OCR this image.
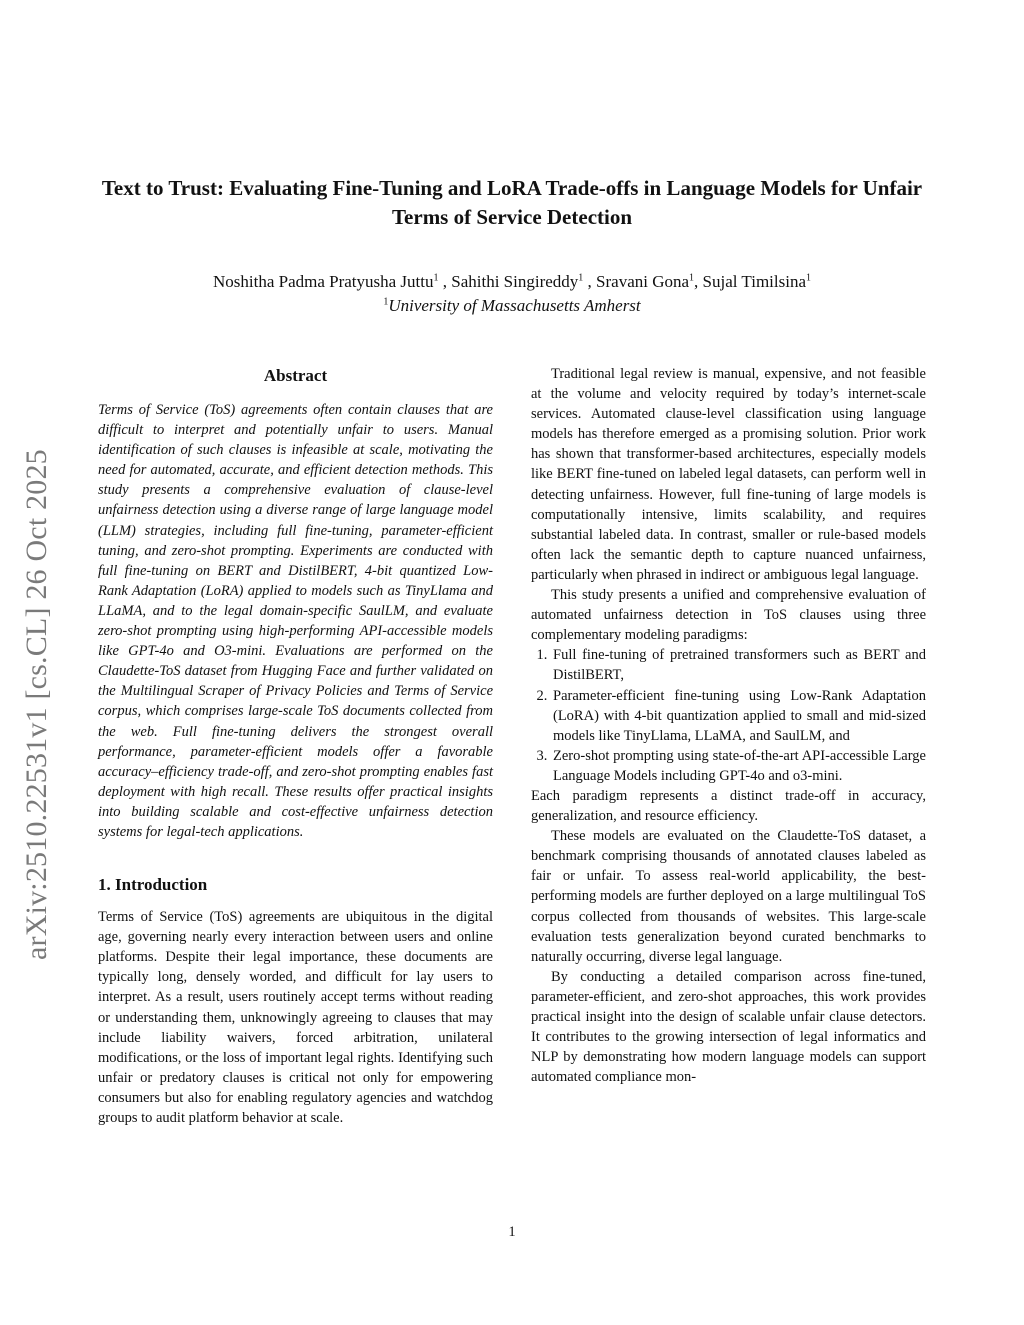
Text to Trust: Evaluating Fine-Tuning and LoRA Trade-offs in Language Models for Unfair Terms of Service Detection
Noshitha Padma Pratyusha Juttu$^1$ , Sahithi Singireddy$^1$ , Sravani Gona$^1$, Sujal Timilsina$^1$
$^1$University of Massachusetts Amherst
arXiv:2510.22531v1 [cs.CL] 26 Oct 2025
Abstract

Terms of Service (ToS) agreements often contain clauses that are difficult to interpret and potentially unfair to users. Manual identification of such clauses is infeasible at scale, motivating the need for automated, accurate, and efficient detection methods. This study presents a comprehensive evaluation of clause-level unfairness detection using a diverse range of large language model (LLM) strategies, including full fine-tuning, parameter-efficient tuning, and zero-shot prompting. Experiments are conducted with full fine-tuning on BERT and DistilBERT, 4-bit quantized Low-Rank Adaptation (LoRA) applied to models such as TinyLlama and LLaMA, and to the legal domain-specific SaulLM, and evaluate zero-shot prompting using high-performing API-accessible models like GPT-4o and O3-mini. Evaluations are performed on the Claudette-ToS dataset from Hugging Face and further validated on the Multilingual Scraper of Privacy Policies and Terms of Service corpus, which comprises large-scale ToS documents collected from the web. Full fine-tuning delivers the strongest overall performance, parameter-efficient models offer a favorable accuracy–efficiency trade-off, and zero-shot prompting enables fast deployment with high recall. These results offer practical insights into building scalable and cost-effective unfairness detection systems for legal-tech applications.

1. Introduction

Terms of Service (ToS) agreements are ubiquitous in the digital age, governing nearly every interaction between users and online platforms. Despite their legal importance, these documents are typically long, densely worded, and difficult for lay users to interpret. As a result, users routinely accept terms without reading or understanding them, unknowingly agreeing to clauses that may include liability waivers, forced arbitration, unilateral modifications, or the loss of important legal rights. Identifying such unfair or predatory clauses is critical not only for empowering consumers but also for enabling regulatory agencies and watchdog groups to audit platform behavior at scale.

Traditional legal review is manual, expensive, and not feasible at the volume and velocity required by today’s internet-scale services. Automated clause-level classification using language models has therefore emerged as a promising solution. Prior work has shown that transformer-based architectures, especially models like BERT fine-tuned on labeled legal datasets, can perform well in detecting unfairness. However, full fine-tuning of large models is computationally intensive, limits scalability, and requires substantial labeled data. In contrast, smaller or rule-based models often lack the semantic depth to capture nuanced unfairness, particularly when phrased in indirect or ambiguous legal language.

This study presents a unified and comprehensive evaluation of automated unfairness detection in ToS clauses using three complementary modeling paradigms:

1. Full fine-tuning of pretrained transformers such as BERT and DistilBERT,
2. Parameter-efficient fine-tuning using Low-Rank Adaptation (LoRA) with 4-bit quantization applied to small and mid-sized models like TinyLlama, LLaMA, and SaulLM, and
3. Zero-shot prompting using state-of-the-art API-accessible Large Language Models including GPT-4o and o3-mini.

Each paradigm represents a distinct trade-off in accuracy, generalization, and resource efficiency.

These models are evaluated on the Claudette-ToS dataset, a benchmark comprising thousands of annotated clauses labeled as fair or unfair. To assess real-world applicability, the best-performing models are further deployed on a large multilingual ToS corpus collected from thousands of websites. This large-scale evaluation tests generalization beyond curated benchmarks to naturally occurring, diverse legal language.

By conducting a detailed comparison across fine-tuned, parameter-efficient, and zero-shot approaches, this work provides practical insight into the design of scalable unfair clause detectors. It contributes to the growing intersection of legal informatics and NLP by demonstrating how modern language models can support automated compliance mon-

1
